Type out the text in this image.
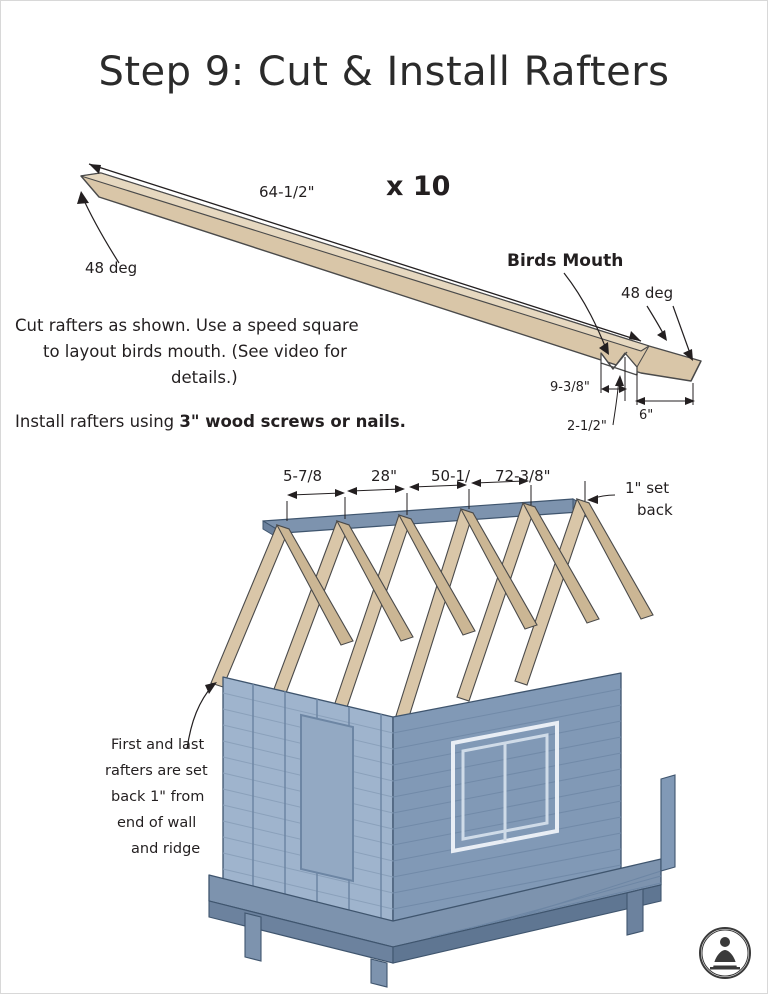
Step 9: Cut & Install Rafters
x 10
64-1/2"
48 deg	Birds Mouth
48 deg
9-3/8"
2-1/2"
6"
Cut rafters as shown. Use a speed square
to layout birds mouth. (See video for
details.)
Install rafters using 3" wood screws or nails.
5-7/8	28" 50-1/ 72-3/8"
1" set
back
First and last
rafters are set
back 1" from
end of wall
and ridge
